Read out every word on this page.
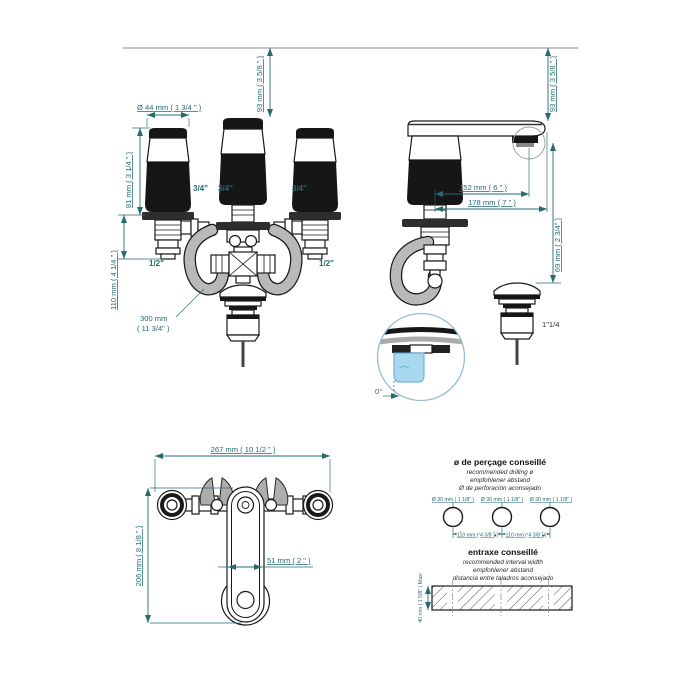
Ø 44 mm ( 1 3/4 " )	93 mm ( 3 5/8 " )
81 mm ( 3 1/4 " )
110 mm ( 4 1/4 " )
3/4" 3/4"	3/4"
1/2"	1/2"
300 mm
( 11 3/4" )
0°
93 mm ( 3 5/8 " )
152 mm ( 6 " )
178 mm ( 7 " )
69 mm ( 2 3/4" )
1"1/4
267 mm ( 10 1/2 " )
206 mm ( 8 1/8 " )	51 mm ( 2 " )
ø de perçage conseillé
recommended drilling ø
empfohlener abstand
Ø de perforación aconsejado
Ø 30 mm ( 1 1/8" ) Ø 30 mm ( 1 1/8" ) Ø 30 mm ( 1 1/8" )
110 mm ( 4 3/8 " ) 110 mm ( 4 3/8 " )
entraxe conseillé
recommended interval width
empfohlener abstand
distancia entre taladros aconsejado
40 mm ( 1 5/8" ) Maxi
